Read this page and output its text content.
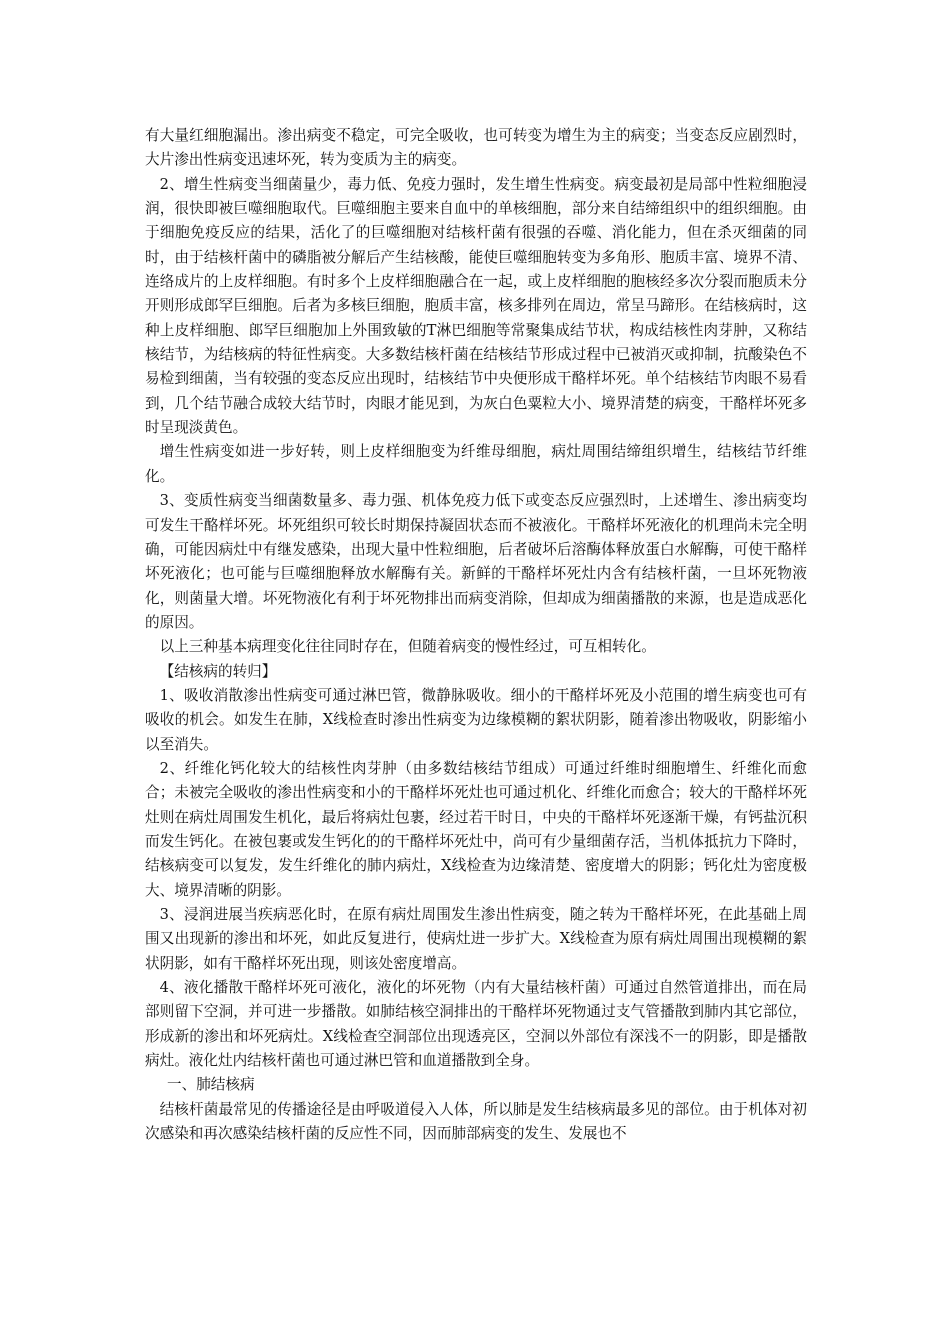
有大量红细胞漏出。渗出病变不稳定，可完全吸收，也可转变为增生为主的病变；当变态反应剧烈时，大片渗出性病变迅速坏死，转为变质为主的病变。

2、增生性病变当细菌量少，毒力低、免疫力强时，发生增生性病变。病变最初是局部中性粒细胞浸润，很快即被巨噬细胞取代。巨噬细胞主要来自血中的单核细胞，部分来自结缔组织中的组织细胞。由于细胞免疫反应的结果，活化了的巨噬细胞对结核杆菌有很强的吞噬、消化能力，但在杀灭细菌的同时，由于结核杆菌中的磷脂被分解后产生结核酸，能使巨噬细胞转变为多角形、胞质丰富、境界不清、连络成片的上皮样细胞。有时多个上皮样细胞融合在一起，或上皮样细胞的胞核经多次分裂而胞质未分开则形成郎罕巨细胞。后者为多核巨细胞，胞质丰富，核多排列在周边，常呈马蹄形。在结核病时，这种上皮样细胞、郎罕巨细胞加上外围致敏的T淋巴细胞等常聚集成结节状，构成结核性肉芽肿，又称结核结节，为结核病的特征性病变。大多数结核杆菌在结核结节形成过程中已被消灭或抑制，抗酸染色不易检到细菌，当有较强的变态反应出现时，结核结节中央便形成干酪样坏死。单个结核结节肉眼不易看到，几个结节融合成较大结节时，肉眼才能见到，为灰白色粟粒大小、境界清楚的病变，干酪样坏死多时呈现淡黄色。

增生性病变如进一步好转，则上皮样细胞变为纤维母细胞，病灶周围结缔组织增生，结核结节纤维化。

3、变质性病变当细菌数量多、毒力强、机体免疫力低下或变态反应强烈时，上述增生、渗出病变均可发生干酪样坏死。坏死组织可较长时期保持凝固状态而不被液化。干酪样坏死液化的机理尚未完全明确，可能因病灶中有继发感染，出现大量中性粒细胞，后者破坏后溶酶体释放蛋白水解酶，可使干酪样坏死液化；也可能与巨噬细胞释放水解酶有关。新鲜的干酪样坏死灶内含有结核杆菌，一旦坏死物液化，则菌量大增。坏死物液化有利于坏死物排出而病变消除，但却成为细菌播散的来源，也是造成恶化的原因。

以上三种基本病理变化往往同时存在，但随着病变的慢性经过，可互相转化。

【结核病的转归】

1、吸收消散渗出性病变可通过淋巴管，微静脉吸收。细小的干酪样坏死及小范围的增生病变也可有吸收的机会。如发生在肺，X线检查时渗出性病变为边缘模糊的絮状阴影，随着渗出物吸收，阴影缩小以至消失。

2、纤维化钙化较大的结核性肉芽肿（由多数结核结节组成）可通过纤维时细胞增生、纤维化而愈合；未被完全吸收的渗出性病变和小的干酪样坏死灶也可通过机化、纤维化而愈合；较大的干酪样坏死灶则在病灶周围发生机化，最后将病灶包裹，经过若干时日，中央的干酪样坏死逐渐干燥，有钙盐沉积而发生钙化。在被包裹或发生钙化的的干酪样坏死灶中，尚可有少量细菌存活，当机体抵抗力下降时，结核病变可以复发，发生纤维化的肺内病灶，X线检查为边缘清楚、密度增大的阴影；钙化灶为密度极大、境界清晰的阴影。

3、浸润进展当疾病恶化时，在原有病灶周围发生渗出性病变，随之转为干酪样坏死，在此基础上周围又出现新的渗出和坏死，如此反复进行，使病灶进一步扩大。X线检查为原有病灶周围出现模糊的絮状阴影，如有干酪样坏死出现，则该处密度增高。

4、液化播散干酪样坏死可液化，液化的坏死物（内有大量结核杆菌）可通过自然管道排出，而在局部则留下空洞，并可进一步播散。如肺结核空洞排出的干酪样坏死物通过支气管播散到肺内其它部位，形成新的渗出和坏死病灶。X线检查空洞部位出现透亮区，空洞以外部位有深浅不一的阴影，即是播散病灶。液化灶内结核杆菌也可通过淋巴管和血道播散到全身。

一、肺结核病

结核杆菌最常见的传播途径是由呼吸道侵入人体，所以肺是发生结核病最多见的部位。由于机体对初次感染和再次感染结核杆菌的反应性不同，因而肺部病变的发生、发展也不
